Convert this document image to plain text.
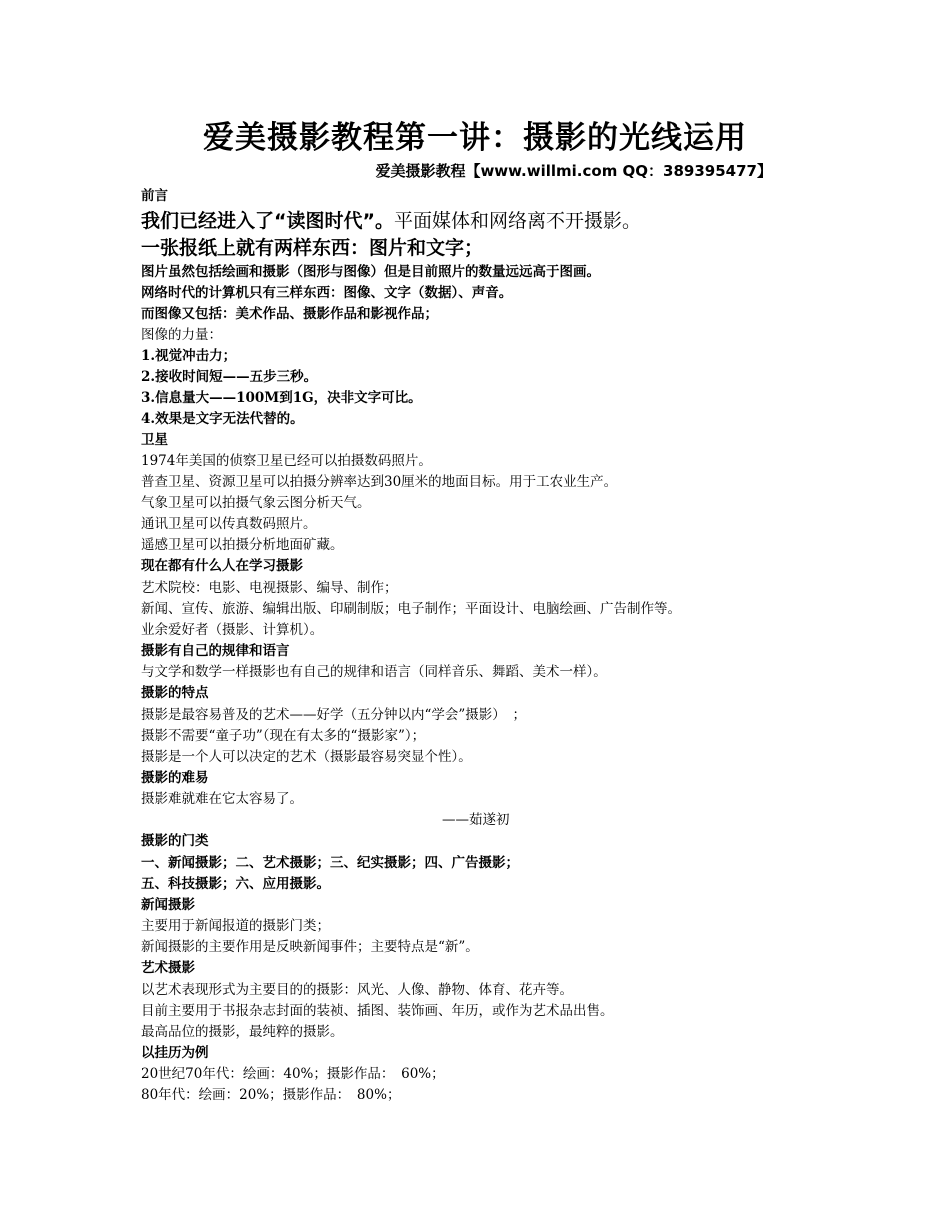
爱美摄影教程第一讲：摄影的光线运用
爱美摄影教程【www.willmi.com QQ：389395477】

前言

我们已经进入了“读图时代”。平面媒体和网络离不开摄影。

一张报纸上就有两样东西：图片和文字；

图片虽然包括绘画和摄影（图形与图像）但是目前照片的数量远远高于图画。

网络时代的计算机只有三样东西：图像、文字（数据）、声音。

而图像又包括：美术作品、摄影作品和影视作品；

图像的力量：

1.视觉冲击力；

2.接收时间短——五步三秒。

3.信息量大——100M到1G，决非文字可比。

4.效果是文字无法代替的。

卫星

1974年美国的侦察卫星已经可以拍摄数码照片。

普查卫星、资源卫星可以拍摄分辨率达到30厘米的地面目标。用于工农业生产。

气象卫星可以拍摄气象云图分析天气。

通讯卫星可以传真数码照片。

遥感卫星可以拍摄分析地面矿藏。

现在都有什么人在学习摄影

艺术院校：电影、电视摄影、编导、制作；

新闻、宣传、旅游、编辑出版、印刷制版；电子制作；平面设计、电脑绘画、广告制作等。

业余爱好者（摄影、计算机）。

摄影有自己的规律和语言

与文学和数学一样摄影也有自己的规律和语言（同样音乐、舞蹈、美术一样）。

摄影的特点

摄影是最容易普及的艺术——好学（五分钟以内“学会”摄影）　；

摄影不需要“童子功”（现在有太多的“摄影家”）；

摄影是一个人可以决定的艺术（摄影最容易突显个性）。

摄影的难易

摄影难就难在它太容易了。

——茹遂初

摄影的门类

一、新闻摄影；二、艺术摄影；三、纪实摄影；四、广告摄影；

五、科技摄影；六、应用摄影。

新闻摄影

主要用于新闻报道的摄影门类；

新闻摄影的主要作用是反映新闻事件；主要特点是“新”。

艺术摄影

以艺术表现形式为主要目的的摄影：风光、人像、静物、体育、花卉等。

目前主要用于书报杂志封面的装祯、插图、装饰画、年历，或作为艺术品出售。

最高品位的摄影，最纯粹的摄影。

以挂历为例

20世纪70年代：绘画：40%；摄影作品：　60%；

80年代：绘画：20%；摄影作品：　80%；
